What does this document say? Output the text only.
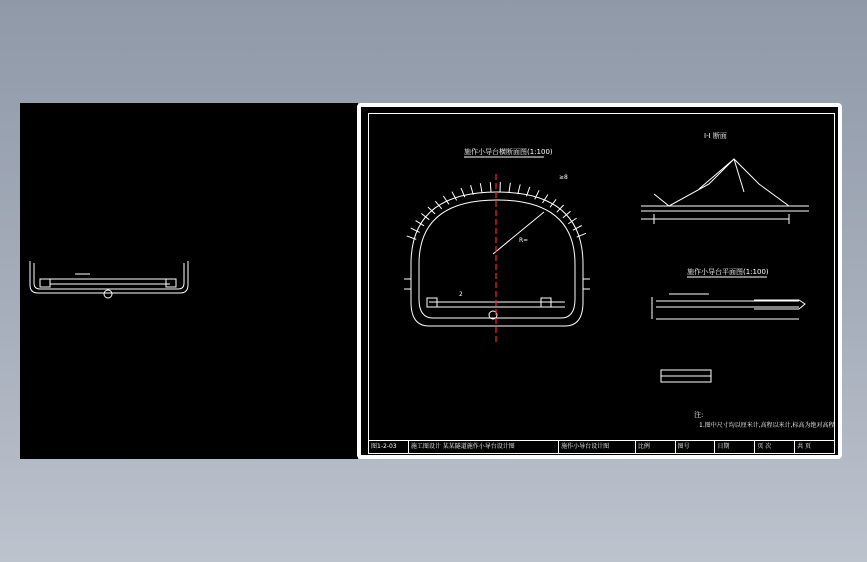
施作小导台横断面图(1:100)
I-I 断面
施作小导台平面图(1:100)
注:
1.图中尺寸均以厘米计,高程以米计,标高为绝对高程
R=
2
≥8
图1-2-03	施工图设计 某某隧道施作小导台设计图	施作小导台设计图	比例	图号	日期	页 次	共 页
